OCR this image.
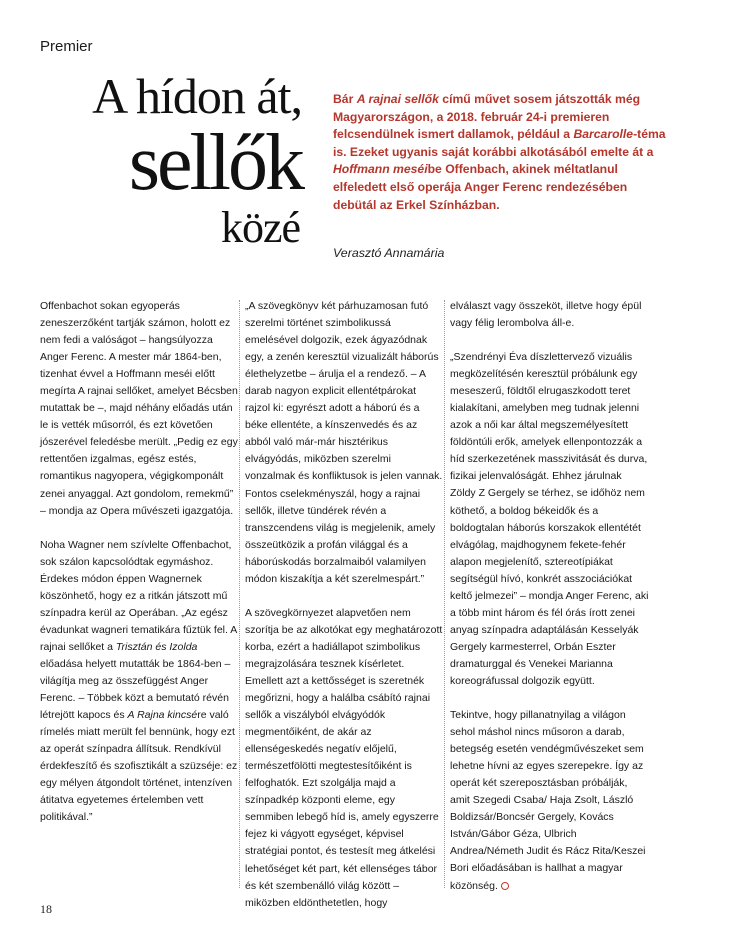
Premier
A hídon át,
sellők
közé
Bár A rajnai sellők című művet sosem játszották még Magyarországon, a 2018. február 24-i premieren felcsendülnek ismert dallamok, például a Barcarolle-téma is. Ezeket ugyanis saját korábbi alkotásából emelte át a Hoffmann meséibe Offenbach, akinek méltatlanul elfeledett első operája Anger Ferenc rendezésében debütál az Erkel Színházban.
Verasztó Annamária

Offenbachot sokan egyoperás zeneszerzőként tartják számon, holott ez nem fedi a valóságot – hangsúlyozza Anger Ferenc. A mester már 1864-ben, tizenhat évvel a Hoffmann meséi előtt megírta A rajnai sellőket, amelyet Bécsben mutattak be –, majd néhány előadás után le is vették műsorról, és ezt követően jószerével feledésbe merült. „Pedig ez egy rettentően izgalmas, egész estés, romantikus nagyopera, végigkomponált zenei anyaggal. Azt gondolom, remekmű” – mondja az Opera művészeti igazgatója.

Noha Wagner nem szívlelte Offenbachot, sok szálon kapcsolódtak egymáshoz. Érdekes módon éppen Wagnernek köszönhető, hogy ez a ritkán játszott mű színpadra kerül az Operában. „Az egész évadunkat wagneri tematikára fűztük fel. A rajnai sellőket a Trisztán és Izolda előadása helyett mutatták be 1864-ben – világítja meg az összefüggést Anger Ferenc. – Többek közt a bemutató révén létrejött kapocs és A Rajna kincsére való rímelés miatt merült fel bennünk, hogy ezt az operát színpadra állítsuk. Rendkívül érdekfeszítő és szofisztikált a szüzséje: ez egy mélyen átgondolt történet, intenzíven átitatva egyetemes értelemben vett politikával.”

„A szövegkönyv két párhuzamosan futó szerelmi történet szimbolikussá emelésével dolgozik, ezek ágyazódnak egy, a zenén keresztül vizualizált háborús élethelyzetbe – árulja el a rendező. – A darab nagyon explicit ellentétpárokat rajzol ki: egyrészt adott a háború és a béke ellentéte, a kínszenvedés és az abból való már-már hisztérikus elvágyódás, miközben szerelmi vonzalmak és konfliktusok is jelen vannak. Fontos cselekményszál, hogy a rajnai sellők, illetve tündérek révén a transzcendens világ is megjelenik, amely összeütközik a profán világgal és a háborúskodás borzalmaiból valamilyen módon kiszakítja a két szerelmespárt.”

A szövegkörnyezet alapvetően nem szorítja be az alkotókat egy meghatározott korba, ezért a hadiállapot szimbolikus megrajzolására tesznek kísérletet. Emellett azt a kettősséget is szeretnék megőrizni, hogy a halálba csábító rajnai sellők a viszályból elvágyódók megmentőiként, de akár az ellenségeskedés negatív előjelű, természetfölötti megtestesítőiként is felfoghatók. Ezt szolgálja majd a színpadkép központi eleme, egy semmiben lebegő híd is, amely egyszerre fejez ki vágyott egységet, képvisel stratégiai pontot, és testesít meg átkelési lehetőséget két part, két ellenséges tábor és két szembenálló világ között – miközben eldönthetetlen, hogy

elválaszt vagy összeköt, illetve hogy épül vagy félig lerombolva áll-e.

„Szendrényi Éva díszlettervező vizuális megközelítésén keresztül próbálunk egy meseszerű, földtől elrugaszkodott teret kialakítani, amelyben meg tudnak jelenni azok a női kar által megszemélyesített földöntúli erők, amelyek ellenpontozzák a híd szerkezetének masszivitását és durva, fizikai jelenvalóságát. Ehhez járulnak Zöldy Z Gergely se térhez, se időhöz nem köthető, a boldog békeidők és a boldogtalan háborús korszakok ellentétét elvágólag, majdhogynem fekete-fehér alapon megjelenítő, sztereotípiákat segítségül hívó, konkrét asszociációkat keltő jelmezei” – mondja Anger Ferenc, aki a több mint három és fél órás írott zenei anyag színpadra adaptálásán Kesselyák Gergely karmesterrel, Orbán Eszter dramaturggal és Venekei Marianna koreográfussal dolgozik együtt.

Tekintve, hogy pillanatnyilag a világon sehol máshol nincs műsoron a darab, betegség esetén vendégművészeket sem lehetne hívni az egyes szerepekre. Így az operát két szereposztásban próbálják, amit Szegedi Csaba/ Haja Zsolt, László Boldizsár/Boncsér Gergely, Kovács István/Gábor Géza, Ulbrich Andrea/Németh Judit és Rácz Rita/Keszei Bori előadásában is hallhat a magyar közönség.

18
